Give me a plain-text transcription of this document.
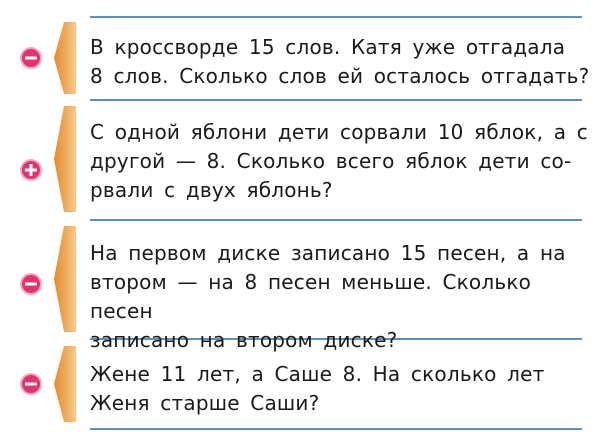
В кроссворде 15 слов. Катя уже отгадала
8 слов. Сколько слов ей осталось отгадать?
С одной яблони дети сорвали 10 яблок, а с
другой — 8. Сколько всего яблок дети со-
рвали с двух яблонь?
На первом диске записано 15 песен, а на
втором — на 8 песен меньше. Сколько песен
записано на втором диске?
Жене 11 лет, а Саше 8. На сколько лет
Женя старше Саши?
